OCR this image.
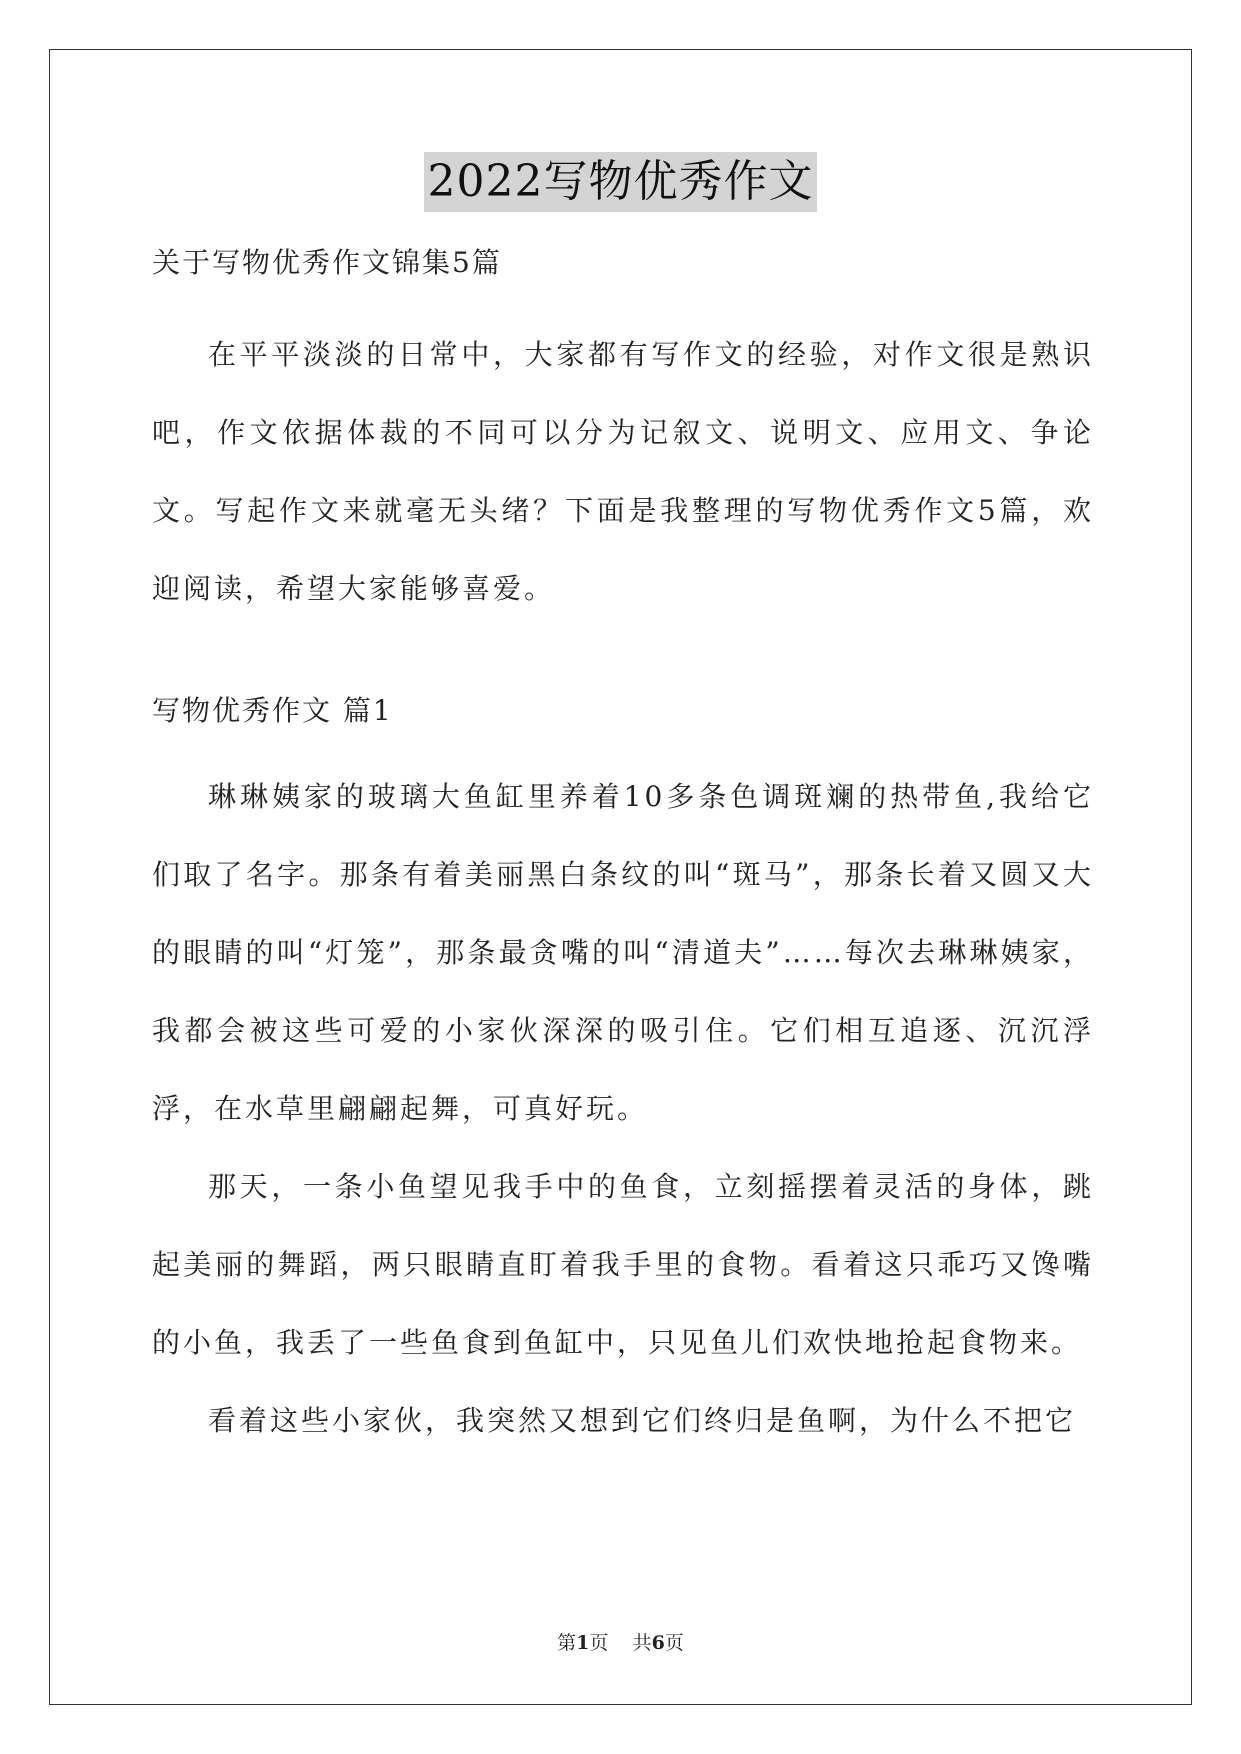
2022写物优秀作文
关于写物优秀作文锦集5篇

在平平淡淡的日常中，大家都有写作文的经验，对作文很是熟识吧，作文依据体裁的不同可以分为记叙文、说明文、应用文、争论文。写起作文来就毫无头绪？下面是我整理的写物优秀作文5篇，欢迎阅读，希望大家能够喜爱。

写物优秀作文 篇1

琳琳姨家的玻璃大鱼缸里养着10多条色调斑斓的热带鱼,我给它们取了名字。那条有着美丽黑白条纹的叫“斑马”，那条长着又圆又大的眼睛的叫“灯笼”，那条最贪嘴的叫“清道夫”……每次去琳琳姨家，我都会被这些可爱的小家伙深深的吸引住。它们相互追逐、沉沉浮浮，在水草里翩翩起舞，可真好玩。

那天，一条小鱼望见我手中的鱼食，立刻摇摆着灵活的身体，跳起美丽的舞蹈，两只眼睛直盯着我手里的食物。看着这只乖巧又馋嘴的小鱼，我丢了一些鱼食到鱼缸中，只见鱼儿们欢快地抢起食物来。

看着这些小家伙，我突然又想到它们终归是鱼啊，为什么不把它

第1页 共6页
